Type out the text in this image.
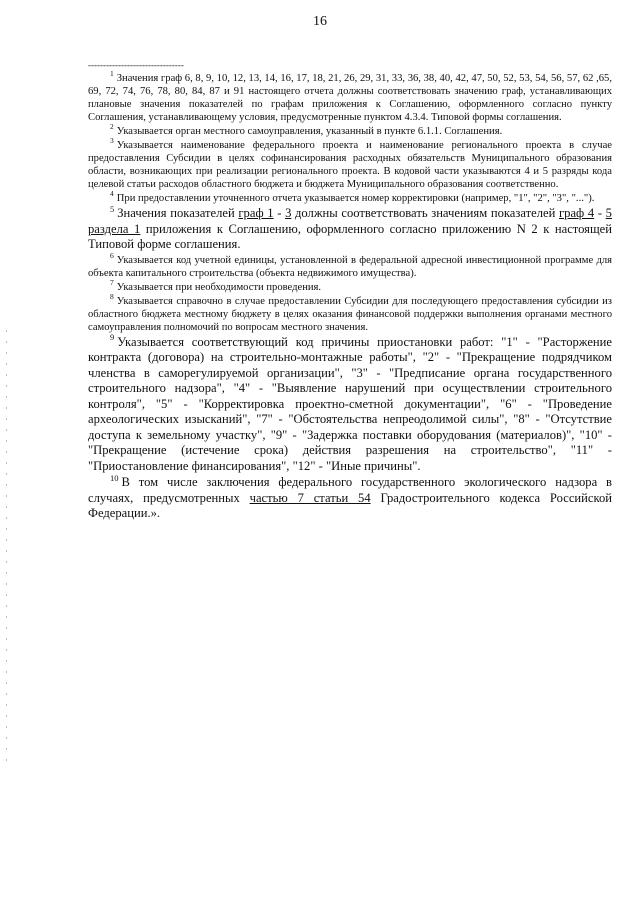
16
--------------------------------

$^1$ Значения граф 6, 8, 9, 10, 12, 13, 14, 16, 17, 18, 21, 26, 29, 31, 33, 36, 38, 40, 42, 47, 50, 52, 53, 54, 56, 57, 62 ,65, 69, 72, 74, 76, 78, 80, 84, 87 и 91 настоящего отчета должны соответствовать значению граф, устанавливающих плановые значения показателей по графам приложения к Соглашению, оформленного согласно пункту Соглашения, устанавливающему условия, предусмотренные пунктом 4.3.4. Типовой формы соглашения.

$^2$ Указывается орган местного самоуправления, указанный в пункте 6.1.1. Соглашения.

$^3$ Указывается наименование федерального проекта и наименование регионального проекта в случае предоставления Субсидии в целях софинансирования расходных обязательств Муниципального образования области, возникающих при реализации регионального проекта. В кодовой части указываются 4 и 5 разряды кода целевой статьи расходов областного бюджета и бюджета Муниципального образования соответственно.

$^4$ При предоставлении уточненного отчета указывается номер корректировки (например, "1", "2", "3", "...").

$^5$ Значения показателей граф 1 - 3 должны соответствовать значениям показателей граф 4 - 5 раздела 1 приложения к Соглашению, оформленного согласно приложению N 2 к настоящей Типовой форме соглашения.

$^6$ Указывается код учетной единицы, установленной в федеральной адресной инвестиционной программе для объекта капитального строительства (объекта недвижимого имущества).

$^7$ Указывается при необходимости проведения.

$^8$ Указывается справочно в случае предоставлении Субсидии для последующего предоставления субсидии из областного бюджета местному бюджету в целях оказания финансовой поддержки выполнения органами местного самоуправления полномочий по вопросам местного значения.

$^9$ Указывается соответствующий код причины приостановки работ: "1" - "Расторжение контракта (договора) на строительно-монтажные работы", "2" - "Прекращение подрядчиком членства в саморегулируемой организации", "3" - "Предписание органа государственного строительного надзора", "4" - "Выявление нарушений при осуществлении строительного контроля", "5" - "Корректировка проектно-сметной документации", "6" - "Проведение археологических изысканий", "7" - "Обстоятельства непреодолимой силы", "8" - "Отсутствие доступа к земельному участку", "9" - "Задержка поставки оборудования (материалов)", "10" - "Прекращение (истечение срока) действия разрешения на строительство", "11" - "Приостановление финансирования", "12" - "Иные причины".

$^{10}$ В том числе заключения федерального государственного экологического надзора в случаях, предусмотренных частью 7 статьи 54 Градостроительного кодекса Российской Федерации.».
